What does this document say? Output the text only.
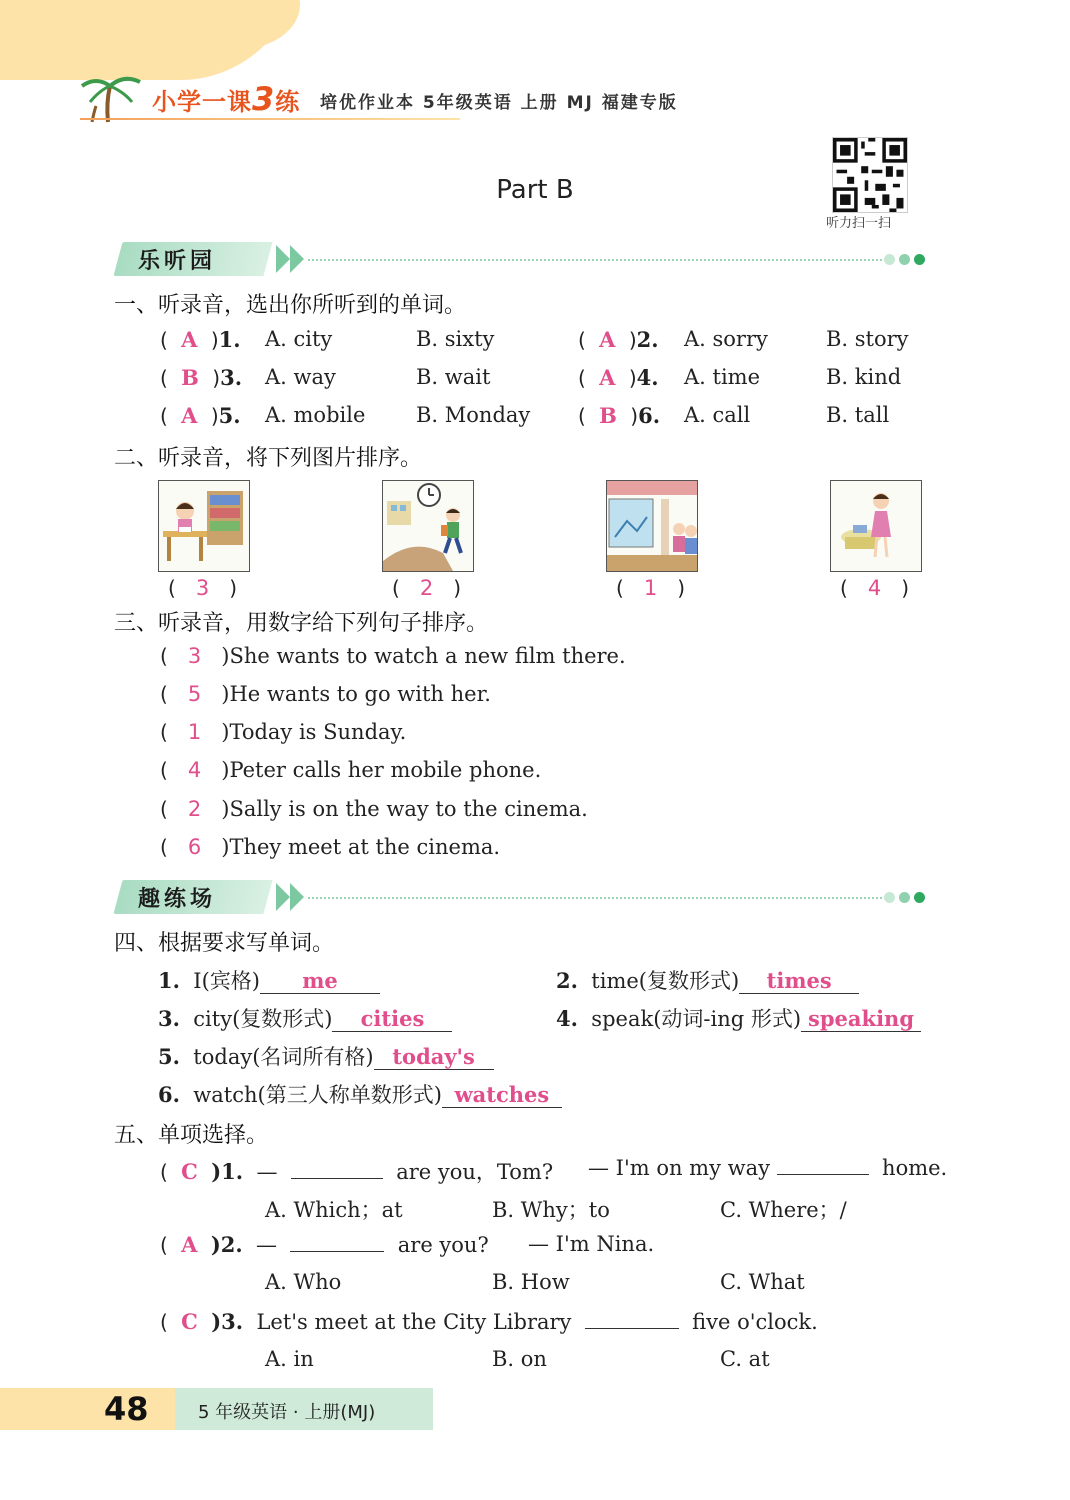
小学一课3练 培优作业本 5年级英语 上册 MJ 福建专版
Part B
听力扫一扫
乐听园
一、听录音，选出你所听到的单词。
( A )1. A. city	B. sixty	( A )2. A. sorry	B. story
( B )3. A. way	B. wait	( A )4. A. time	B. kind
( A )5. A. mobile B. Monday ( B )6. A. call	B. tall
二、听录音，将下列图片排序。
( 3 )	( 2 )	( 1 )	( 4 )
三、听录音，用数字给下列句子排序。
( 3 )She wants to watch a new film there.
( 5 )He wants to go with her.
( 1 )Today is Sunday.
( 4 )Peter calls her mobile phone.
( 2 )Sally is on the way to the cinema.
( 6 )They meet at the cinema.
趣练场
四、根据要求写单词。
1. I(宾格) me	2. time(复数形式) times
3. city(复数形式) cities	4. speak(动词-ing 形式) speaking
5. today(名词所有格) today's
6. watch(第三人称单数形式) watches
五、单项选择。
( C )1. —	are you，Tom? — I'm on my way	home.
A. Which；at	B. Why；to	C. Where；/
( A )2. —	are you? — I'm Nina.
A. Who	B. How	C. What
( C )3. Let's meet at the City Library	five o'clock.
A. in	B. on	C. at
48	5 年级英语 · 上册(MJ)
